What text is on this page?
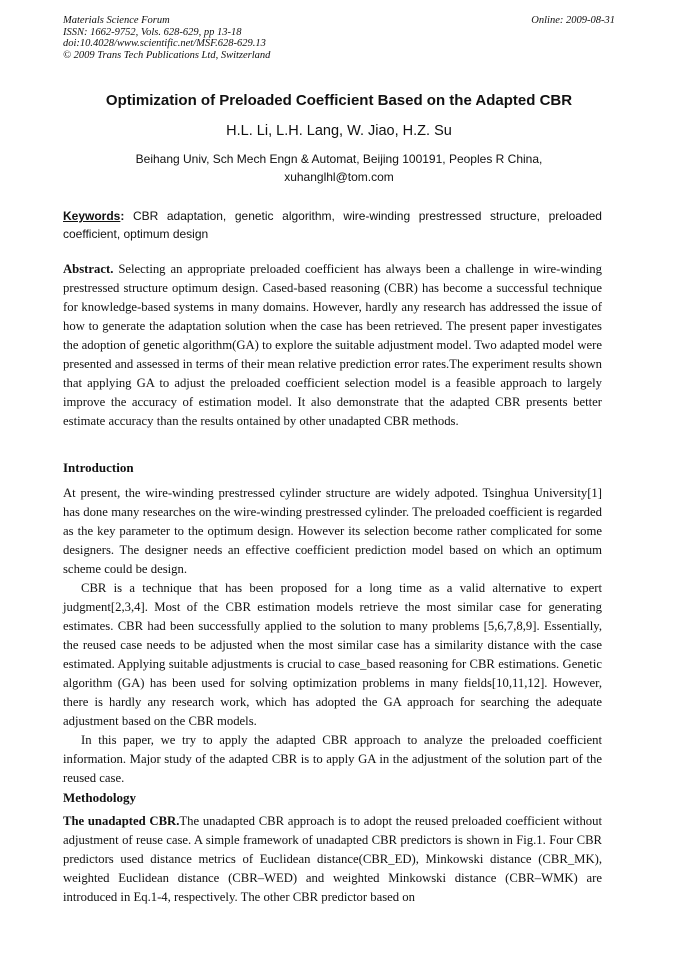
Materials Science Forum
ISSN: 1662-9752, Vols. 628-629, pp 13-18
doi:10.4028/www.scientific.net/MSF.628-629.13
© 2009 Trans Tech Publications Ltd, Switzerland
Online: 2009-08-31
Optimization of Preloaded Coefficient Based on the Adapted CBR
H.L. Li, L.H. Lang, W. Jiao, H.Z. Su
Beihang Univ, Sch Mech Engn & Automat, Beijing 100191, Peoples R China,
xuhanglhl@tom.com
Keywords: CBR adaptation, genetic algorithm, wire-winding prestressed structure, preloaded coefficient, optimum design

Abstract. Selecting an appropriate preloaded coefficient has always been a challenge in wire-winding prestressed structure optimum design. Cased-based reasoning (CBR) has become a successful technique for knowledge-based systems in many domains. However, hardly any research has addressed the issue of how to generate the adaptation solution when the case has been retrieved. The present paper investigates the adoption of genetic algorithm(GA) to explore the suitable adjustment model. Two adapted model were presented and assessed in terms of their mean relative prediction error rates.The experiment results shown that applying GA to adjust the preloaded coefficient selection model is a feasible approach to largely improve the accuracy of estimation model. It also demonstrate that the adapted CBR presents better estimate accuracy than the results ontained by other unadapted CBR methods.

Introduction

At present, the wire-winding prestressed cylinder structure are widely adpoted. Tsinghua University[1] has done many researches on the wire-winding prestressed cylinder. The preloaded coefficient is regarded as the key parameter to the optimum design. However its selection become rather complicated for some designers. The designer needs an effective coefficient prediction model based on which an optimum scheme could be design.

CBR is a technique that has been proposed for a long time as a valid alternative to expert judgment[2,3,4]. Most of the CBR estimation models retrieve the most similar case for generating estimates. CBR had been successfully applied to the solution to many problems [5,6,7,8,9]. Essentially, the reused case needs to be adjusted when the most similar case has a similarity distance with the case estimated. Applying suitable adjustments is crucial to case_based reasoning for CBR estimations. Genetic algorithm (GA) has been used for solving optimization problems in many fields[10,11,12]. However, there is hardly any research work, which has adopted the GA approach for searching the adequate adjustment based on the CBR models.

In this paper, we try to apply the adapted CBR approach to analyze the preloaded coefficient information. Major study of the adapted CBR is to apply GA in the adjustment of the solution part of the reused case.

Methodology

The unadapted CBR.The unadapted CBR approach is to adopt the reused preloaded coefficient without adjustment of reuse case. A simple framework of unadapted CBR predictors is shown in Fig.1. Four CBR predictors used distance metrics of Euclidean distance(CBR_ED), Minkowski distance (CBR_MK), weighted Euclidean distance (CBR–WED) and weighted Minkowski distance (CBR–WMK) are introduced in Eq.1-4, respectively. The other CBR predictor based on
